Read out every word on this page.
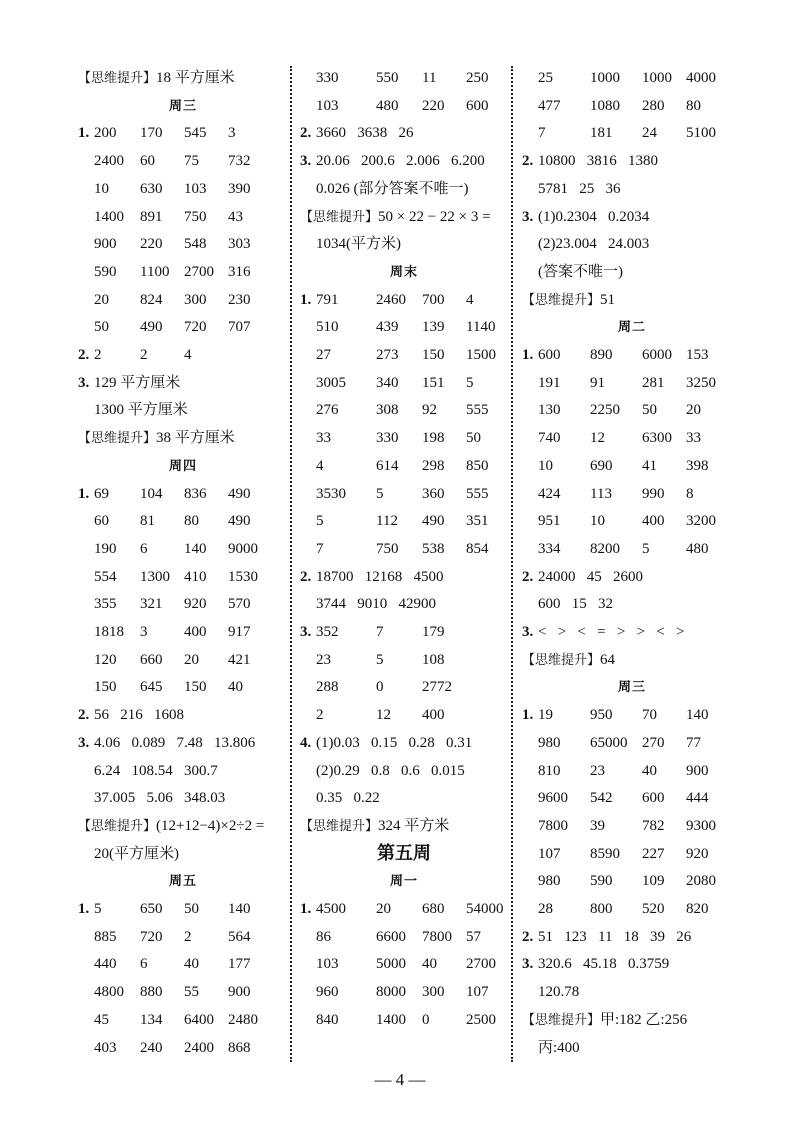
【思维提升】18 平方厘米
周三
1. 200 170 545 3
2400 60 75 732
10 630 103 390
1400 891 750 43
900 220 548 303
590 1100 2700 316
20 824 300 230
50 490 720 707
2. 2	2 4
3. 129 平方厘米
1300 平方厘米
【思维提升】38 平方厘米
周四
1. 69 104 836 490
60 81 80 490
190 6 140 9000
554 1300 410 1530
355 321 920 570
1818 3 400 917
120 660 20 421
150 645 150 40
2. 56   216   1608
3. 4.06   0.089   7.48   13.806
6.24   108.54   300.7
37.005   5.06   348.03
【思维提升】(12+12−4)×2÷2 =
20(平方厘米)
周五
1. 5	650 50 140
885 720 2 564
440 6 40 177
4800 880 55 900
45 134 6400 2480
403 240 2400 868
330	550 11 250
103	480 220 600
2. 3660   3638   26
3. 20.06   200.6   2.006   6.200
0.026 (部分答案不唯一)
【思维提升】50 × 22 − 22 × 3 =
1034(平方米)
周末
1. 791	2460 700 4
510	439 139 1140
27	273 150 1500
3005 340 151 5
276	308 92 555
33	330 198 50
4	614 298 850
3530 5	360 555
5	112 490 351
7	750 538 854
2. 18700   12168   4500
3744   9010   42900
3. 352	7	179
23	5	108
288	0	2772
2	12 400
4. (1)0.03   0.15   0.28   0.31
(2)0.29   0.8   0.6   0.015
0.35   0.22
【思维提升】324 平方米
第五周
周一
1. 4500 20 680 54000
86	6600 7800 57
103	5000 40 2700
960	8000 300 107
840	1400 0 2500
25 1000 1000 4000
477 1080 280 80
7	181 24 5100
2. 10800   3816   1380
5781   25   36
3. (1)0.2304   0.2034
(2)23.004   24.003
(答案不唯一)
【思维提升】51
周二
1. 600 890 6000 153
191 91 281 3250
130 2250 50 20
740 12 6300 33
10 690 41 398
424 113 990 8
951 10 400 3200
334 8200 5 480
2. 24000   45   2600
600   15   32
3. <   >   <   =   >   >   <   >
【思维提升】64
周三
1. 19 950 70 140
980 65000 270 77
810 23 40 900
9600 542 600 444
7800 39 782 9300
107 8590 227 920
980 590 109 2080
28 800 520 820
2. 51   123   11   18   39   26
3. 320.6   45.18   0.3759
120.78
【思维提升】甲:182 乙:256
丙:400
— 4 —
